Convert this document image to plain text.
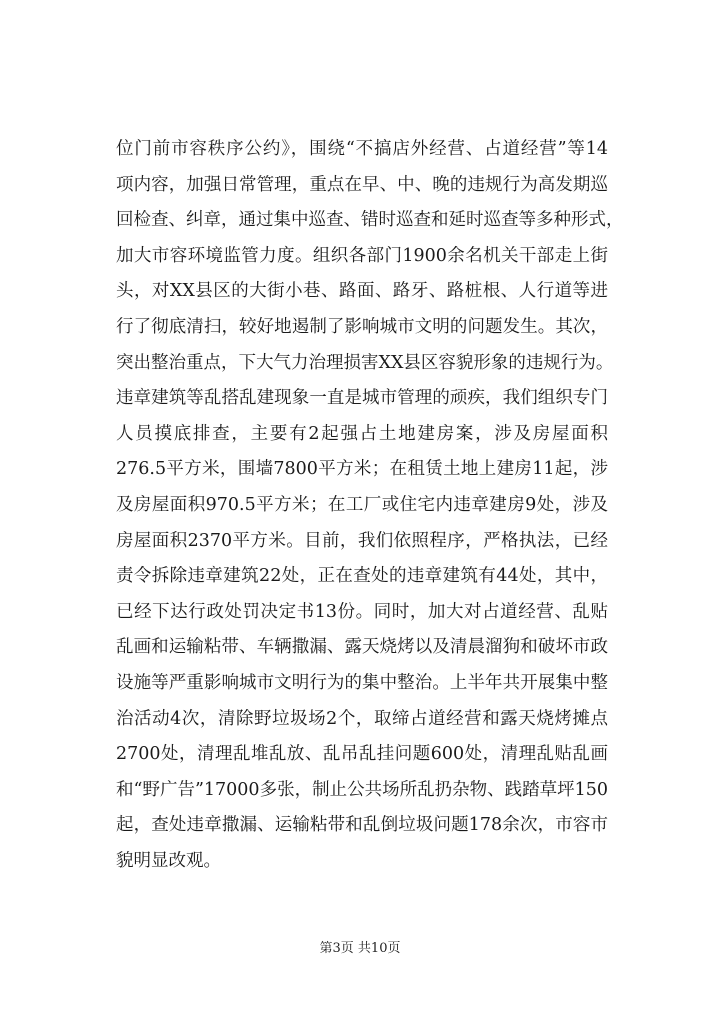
位门前市容秩序公约》，围绕“不搞店外经营、占道经营”等14
项内容，加强日常管理，重点在早、中、晚的违规行为高发期巡
回检查、纠章，通过集中巡查、错时巡查和延时巡查等多种形式，
加大市容环境监管力度。组织各部门1900余名机关干部走上街
头，对XX县区的大街小巷、路面、路牙、路桩根、人行道等进
行了彻底清扫，较好地遏制了影响城市文明的问题发生。其次，
突出整治重点，下大气力治理损害XX县区容貌形象的违规行为。
违章建筑等乱搭乱建现象一直是城市管理的顽疾，我们组织专门
人员摸底排查，主要有2起强占土地建房案，涉及房屋面积
276.5平方米，围墙7800平方米；在租赁土地上建房11起，涉
及房屋面积970.5平方米；在工厂或住宅内违章建房9处，涉及
房屋面积2370平方米。目前，我们依照程序，严格执法，已经
责令拆除违章建筑22处，正在查处的违章建筑有44处，其中，
已经下达行政处罚决定书13份。同时，加大对占道经营、乱贴
乱画和运输粘带、车辆撒漏、露天烧烤以及清晨溜狗和破坏市政
设施等严重影响城市文明行为的集中整治。上半年共开展集中整
治活动4次，清除野垃圾场2个，取缔占道经营和露天烧烤摊点
2700处，清理乱堆乱放、乱吊乱挂问题600处，清理乱贴乱画
和“野广告”17000多张，制止公共场所乱扔杂物、践踏草坪150
起，查处违章撒漏、运输粘带和乱倒垃圾问题178余次，市容市
貌明显改观。
第3页 共10页
